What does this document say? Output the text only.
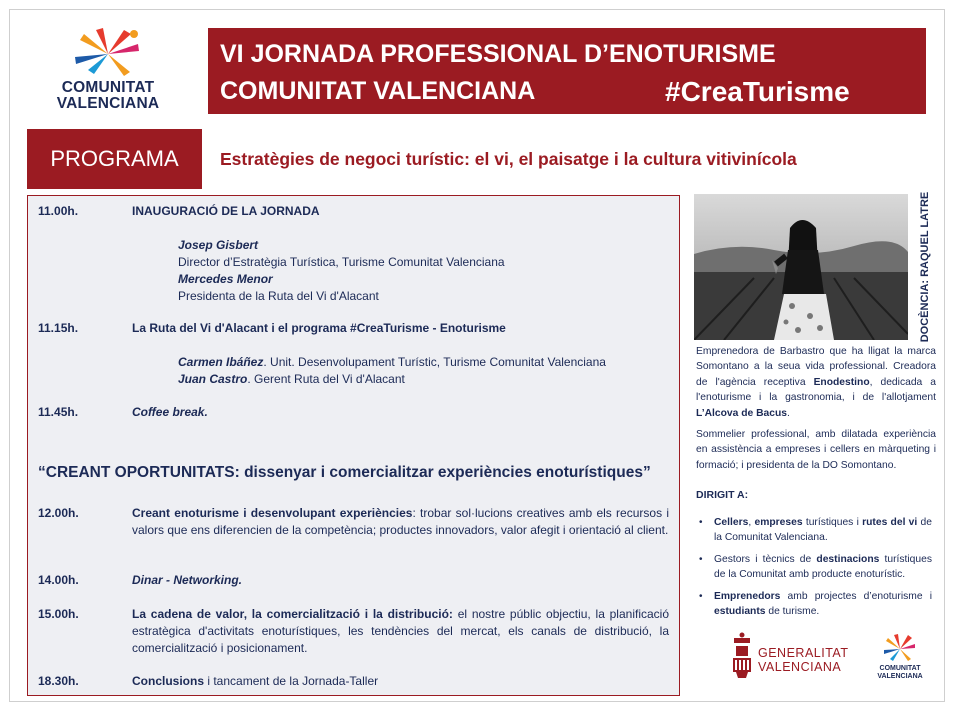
COMUNITAT
VALENCIANA
VI JORNADA PROFESSIONAL D’ENOTURISME
COMUNITAT VALENCIANA	#CreaTurisme
PROGRAMA	Estratègies de negoci turístic: el vi, el paisatge i la cultura vitivinícola
11.00h.	INAUGURACIÓ DE LA JORNADA
Josep Gisbert
Director d’Estratègia Turística, Turisme Comunitat Valenciana
Mercedes Menor
Presidenta de la Ruta del Vi d'Alacant
11.15h.	La Ruta del Vi d'Alacant i el programa #CreaTurisme - Enoturisme
Carmen Ibáñez. Unit. Desenvolupament Turístic, Turisme Comunitat Valenciana
Juan Castro. Gerent Ruta del Vi d'Alacant
11.45h.	Coffee break.
“CREANT OPORTUNITATS: dissenyar i comercialitzar experiències enoturístiques”
12.00h.	Creant enoturisme i desenvolupant experiències: trobar sol·lucions creatives amb els recursos i valors que ens diferencien de la competència; productes innovadors, valor afegit i orientació al client.
14.00h.	Dinar - Networking.
15.00h.	La cadena de valor, la comercialització i la distribució: el nostre públic objectiu, la planificació estratègica d'activitats enoturístiques, les tendències del mercat, els canals de distribució, la comercialització i posicionament.
18.30h.	Conclusions i tancament de la Jornada-Taller
DOCÈNCIA: RAQUEL LATRE

Emprenedora de Barbastro que ha lligat la marca Somontano a la seua vida professional. Creadora de l'agència receptiva Enodestino, dedicada a l'enoturisme i la gastronomia, i de l'allotjament L’Alcova de Bacus.

Sommelier professional, amb dilatada experiència en assistència a empreses i cellers en màrqueting i formació; i presidenta de la DO Somontano.

DIRIGIT A:
• Cellers, empreses turístiques i rutes del vi de la Comunitat Valenciana.
• Gestors i tècnics de destinacions turístiques de la Comunitat amb producte enoturístic.
• Emprenedors amb projectes d’enoturisme i estudiants de turisme.
GENERALITAT
VALENCIANA	COMUNITAT
VALENCIANA
